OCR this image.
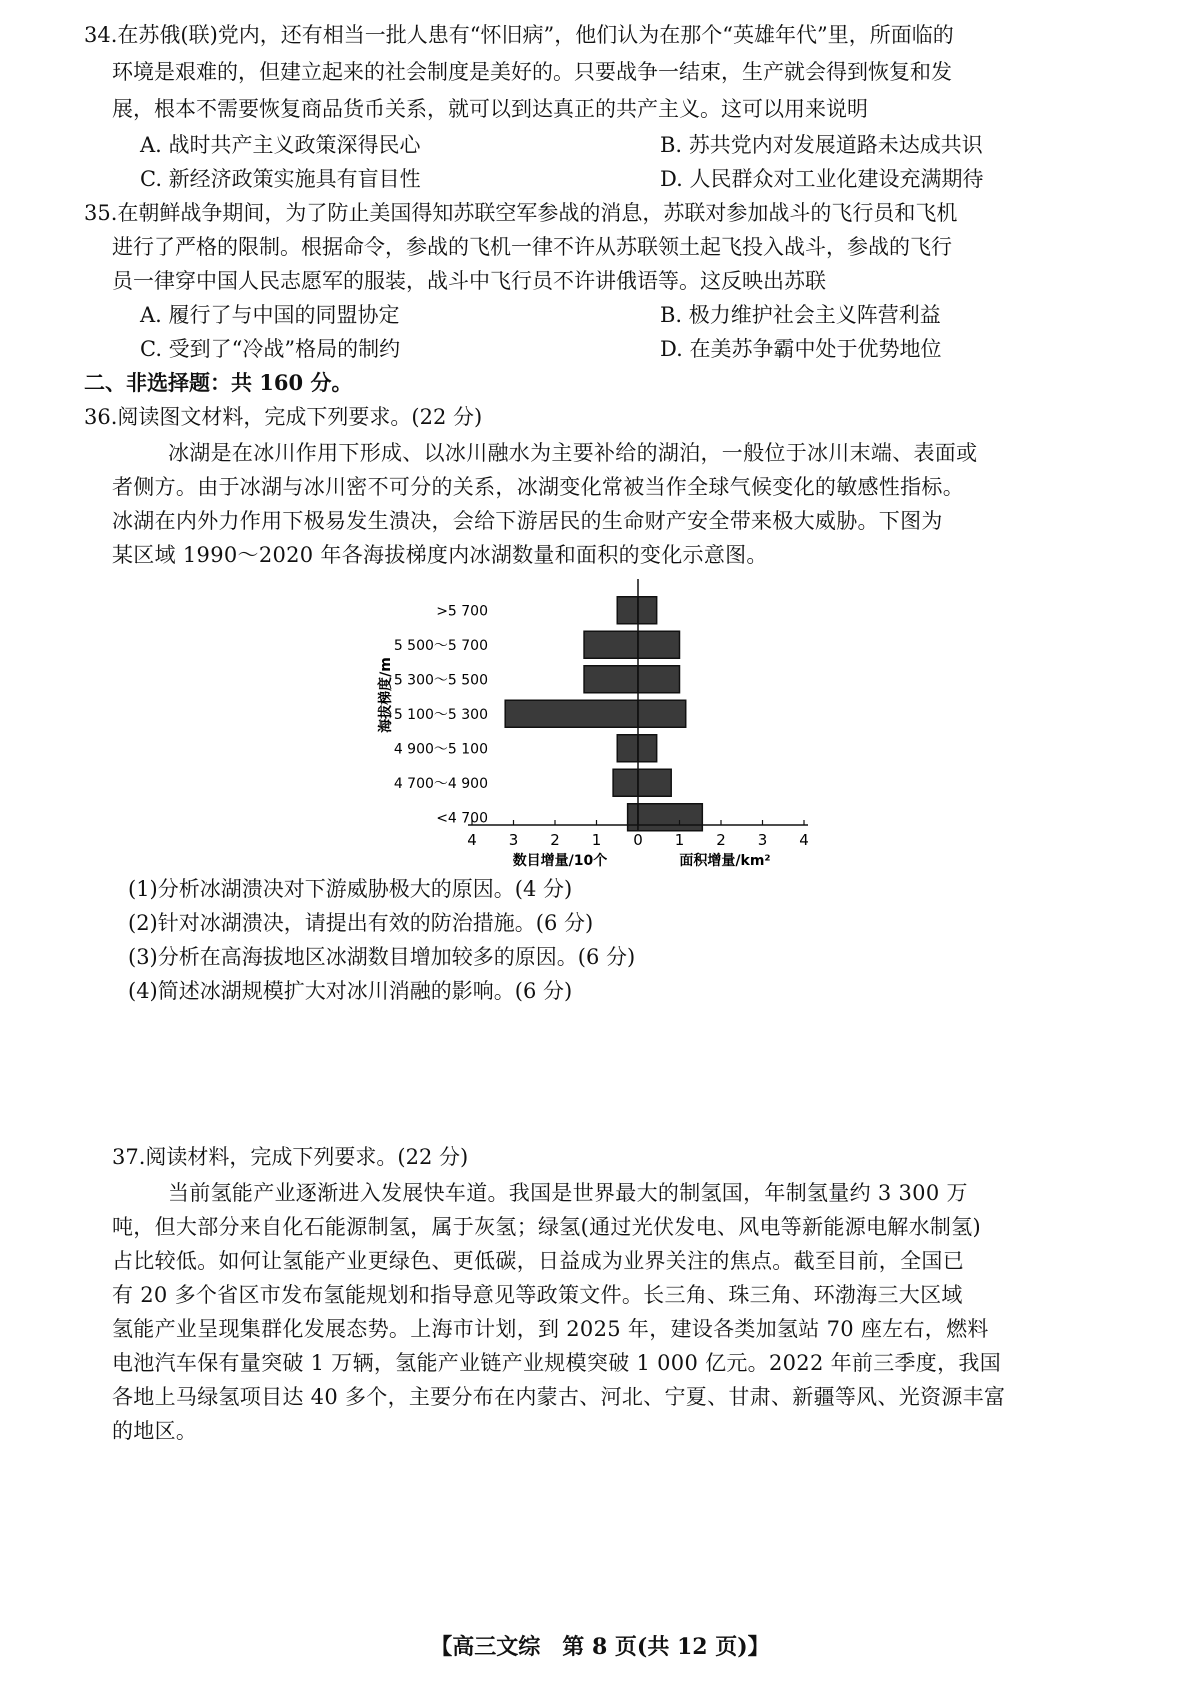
34.在苏俄(联)党内，还有相当一批人患有“怀旧病”，他们认为在那个“英雄年代”里，所面临的
环境是艰难的，但建立起来的社会制度是美好的。只要战争一结束，生产就会得到恢复和发
展，根本不需要恢复商品货币关系，就可以到达真正的共产主义。这可以用来说明
A. 战时共产主义政策深得民心	B. 苏共党内对发展道路未达成共识
C. 新经济政策实施具有盲目性	D. 人民群众对工业化建设充满期待
35.在朝鲜战争期间，为了防止美国得知苏联空军参战的消息，苏联对参加战斗的飞行员和飞机
进行了严格的限制。根据命令，参战的飞机一律不许从苏联领土起飞投入战斗，参战的飞行
员一律穿中国人民志愿军的服装，战斗中飞行员不许讲俄语等。这反映出苏联
A. 履行了与中国的同盟协定	B. 极力维护社会主义阵营利益
C. 受到了“冷战”格局的制约	D. 在美苏争霸中处于优势地位
二、非选择题：共 160 分。
36.阅读图文材料，完成下列要求。(22 分)
冰湖是在冰川作用下形成、以冰川融水为主要补给的湖泊，一般位于冰川末端、表面或
者侧方。由于冰湖与冰川密不可分的关系，冰湖变化常被当作全球气候变化的敏感性指标。
冰湖在内外力作用下极易发生溃决，会给下游居民的生命财产安全带来极大威胁。下图为
某区域 1990～2020 年各海拔梯度内冰湖数量和面积的变化示意图。
4 3 2 1 0 1 2 3 4
>5 700
5 500～5 700
5 300～5 500
5 100～5 300
4 900～5 100
4 700～4 900
<4 700
海拔梯度/m
数目增量/10个	面积增量/km²
(1)分析冰湖溃决对下游威胁极大的原因。(4 分)
(2)针对冰湖溃决，请提出有效的防治措施。(6 分)
(3)分析在高海拔地区冰湖数目增加较多的原因。(6 分)
(4)简述冰湖规模扩大对冰川消融的影响。(6 分)
37.阅读材料，完成下列要求。(22 分)
当前氢能产业逐渐进入发展快车道。我国是世界最大的制氢国，年制氢量约 3 300 万
吨，但大部分来自化石能源制氢，属于灰氢；绿氢(通过光伏发电、风电等新能源电解水制氢)
占比较低。如何让氢能产业更绿色、更低碳，日益成为业界关注的焦点。截至目前，全国已
有 20 多个省区市发布氢能规划和指导意见等政策文件。长三角、珠三角、环渤海三大区域
氢能产业呈现集群化发展态势。上海市计划，到 2025 年，建设各类加氢站 70 座左右，燃料
电池汽车保有量突破 1 万辆，氢能产业链产业规模突破 1 000 亿元。2022 年前三季度，我国
各地上马绿氢项目达 40 多个，主要分布在内蒙古、河北、宁夏、甘肃、新疆等风、光资源丰富
的地区。
【高三文综　第 8 页(共 12 页)】
